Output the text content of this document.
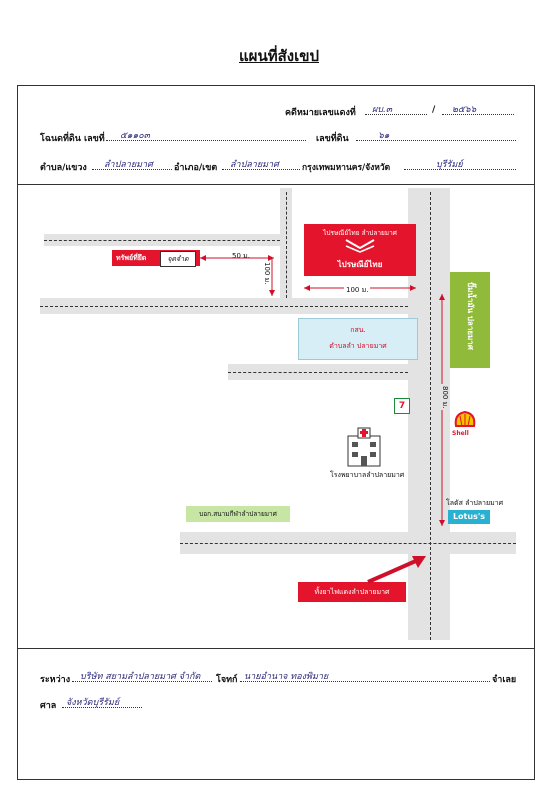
แผนที่สังเขป
คดีหมายเลขแดงที่ ผบ.๓	/ ๒๕๖๖
โฉนดที่ดิน เลขที่ ๕๑๑๐๓	เลขที่ดิน	๖๑
ตำบล/แขวง ลำปลายมาศ อำเภอ/เขต ลำปลายมาศ	กรุงเทพมหานคร/จังหวัด	บุรีรัมย์
ไปรษณีย์ไทย ลำปลายมาศ
ไปรษณีย์ไทย
100 ม.
ทรัพย์ที่ยึด	จุดจำด	50 ม.
100 ม.
กสน.
ตำบลลำ ปลายมาศ	ปั๊มน้ำมัน ปลายมาศ
800 ม.
7
Shell
โรงพยาบาลลำปลายมาศ
โลตัส ลำปลายมาศ
Lotus's
บอก.สนามกีฬาลำปลายมาศ
ทั้งยาไฟแดงลำปลายมาศ
ระหว่าง บริษัท สยามลำปลายมาศ จำกัด โจทก์ นายอำนาจ ทองพิมาย	จำเลย
ศาล จังหวัดบุรีรัมย์
